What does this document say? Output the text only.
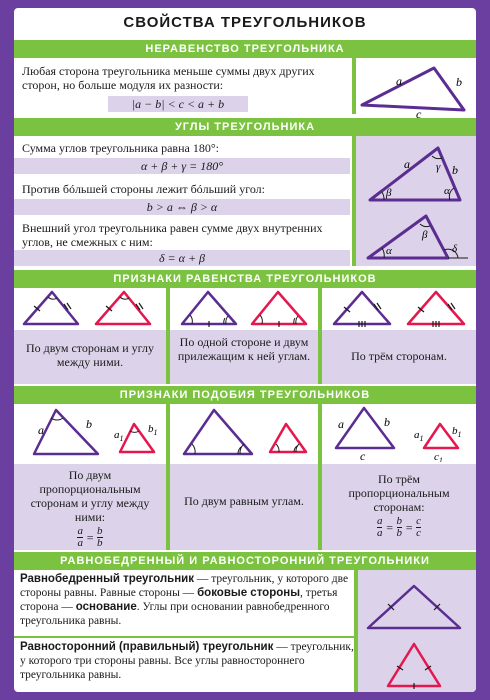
СВОЙСТВА ТРЕУГОЛЬНИКОВ
НЕРАВЕНСТВО ТРЕУГОЛЬНИКА
Любая сторона треугольника меньше суммы двух других сторон, но больше модуля их разности:
|a − b| < c < a + b
a	b
c
УГЛЫ ТРЕУГОЛЬНИКА
Сумма углов треугольника равна 180°:
α + β + γ = 180°
Против бóльшей стороны лежит бóльший угол:
b > a ⇔ β > α
Внешний угол треугольника равен сумме двух внутренних углов, не смежных с ним:
δ = α + β
a	b
γ
β	α
α
β
δ
ПРИЗНАКИ РАВЕНСТВА ТРЕУГОЛЬНИКОВ
По двум сторонам и углу между ними.
По одной стороне и двум прилежащим к ней углам.	По трём сторонам.
ПРИЗНАКИ ПОДОБИЯ ТРЕУГОЛЬНИКОВ
a	b
$a_1$
$b_1$
a	b
c
$a_1$
$b_1$
$c_1$
По двум пропорциональным сторонам и углу между ними:
$\frac{a}{a} = \frac{b}{b}$
По двум равным углам.
По трём пропорциональным сторонам:
$\frac{a}{a} = \frac{b}{b} = \frac{c}{c}$
РАВНОБЕДРЕННЫЙ И РАВНОСТОРОННИЙ ТРЕУГОЛЬНИКИ
Равнобедренный треугольник — треугольник, у которого две стороны равны. Равные стороны — боковые стороны, третья сторона — основание. Углы при основании равнобедренного треугольника равны.
Равносторонний (правильный) треугольник — треугольник, у которого три стороны равны. Все углы равностороннего треугольника равны.
